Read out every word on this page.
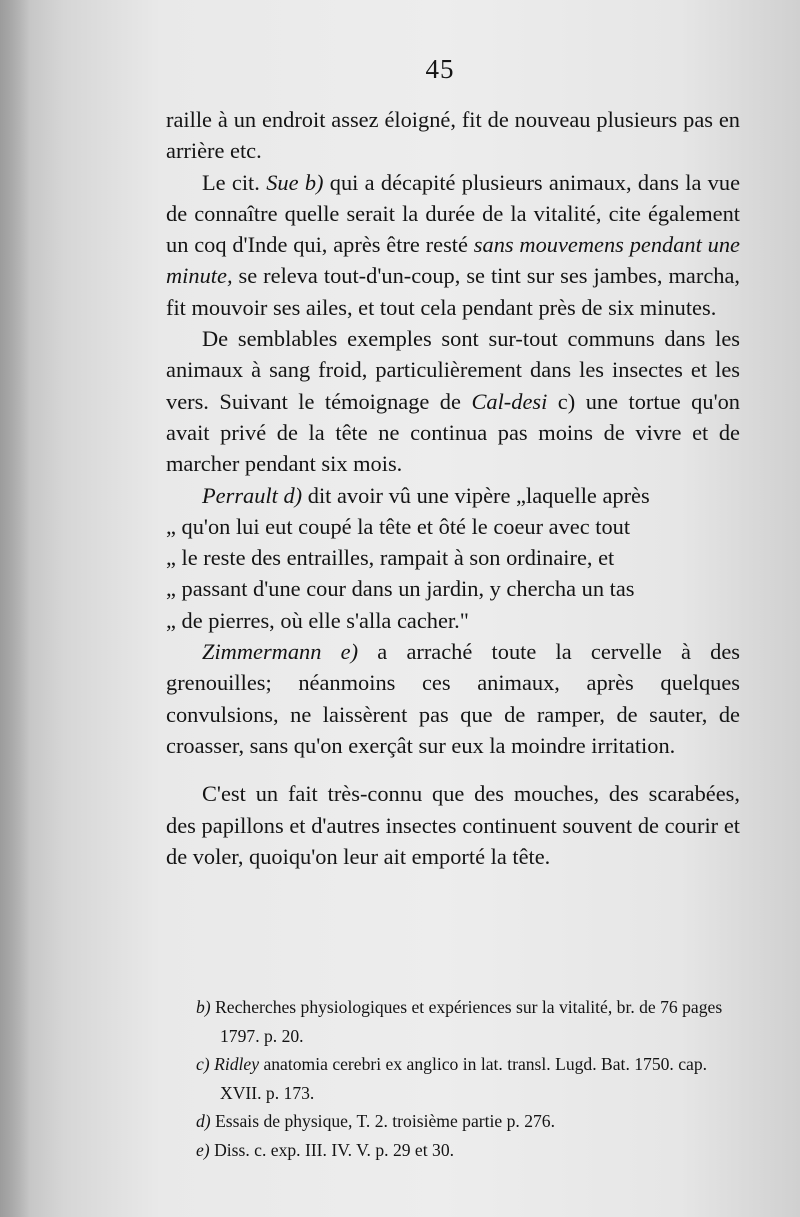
45

raille à un endroit assez éloigné, fit de nouveau plusieurs pas en arrière etc.

Le cit. Sue b) qui a décapité plusieurs animaux, dans la vue de connaître quelle serait la durée de la vitalité, cite également un coq d'Inde qui, après être resté sans mouvemens pendant une minute, se releva tout-d'un-coup, se tint sur ses jambes, marcha, fit mouvoir ses ailes, et tout cela pendant près de six minutes.

De semblables exemples sont sur-tout communs dans les animaux à sang froid, particulièrement dans les insectes et les vers. Suivant le témoignage de Cal-desi c) une tortue qu'on avait privé de la tête ne continua pas moins de vivre et de marcher pendant six mois.

Perrault d) dit avoir vû une vipère „laquelle après

„ qu'on lui eut coupé la tête et ôté le coeur avec tout

„ le reste des entrailles, rampait à son ordinaire, et

„ passant d'une cour dans un jardin, y chercha un tas

„ de pierres, où elle s'alla cacher."

Zimmermann e) a arraché toute la cervelle à des grenouilles; néanmoins ces animaux, après quelques convulsions, ne laissèrent pas que de ramper, de sauter, de croasser, sans qu'on exerçât sur eux la moindre irritation.

C'est un fait très-connu que des mouches, des scarabées, des papillons et d'autres insectes continuent souvent de courir et de voler, quoiqu'on leur ait emporté la tête.

b) Recherches physiologiques et expériences sur la vitalité, br. de 76 pages 1797. p. 20.
c) Ridley anatomia cerebri ex anglico in lat. transl. Lugd. Bat. 1750. cap. XVII. p. 173.
d) Essais de physique, T. 2. troisième partie p. 276.
e) Diss. c. exp. III. IV. V. p. 29 et 30.
